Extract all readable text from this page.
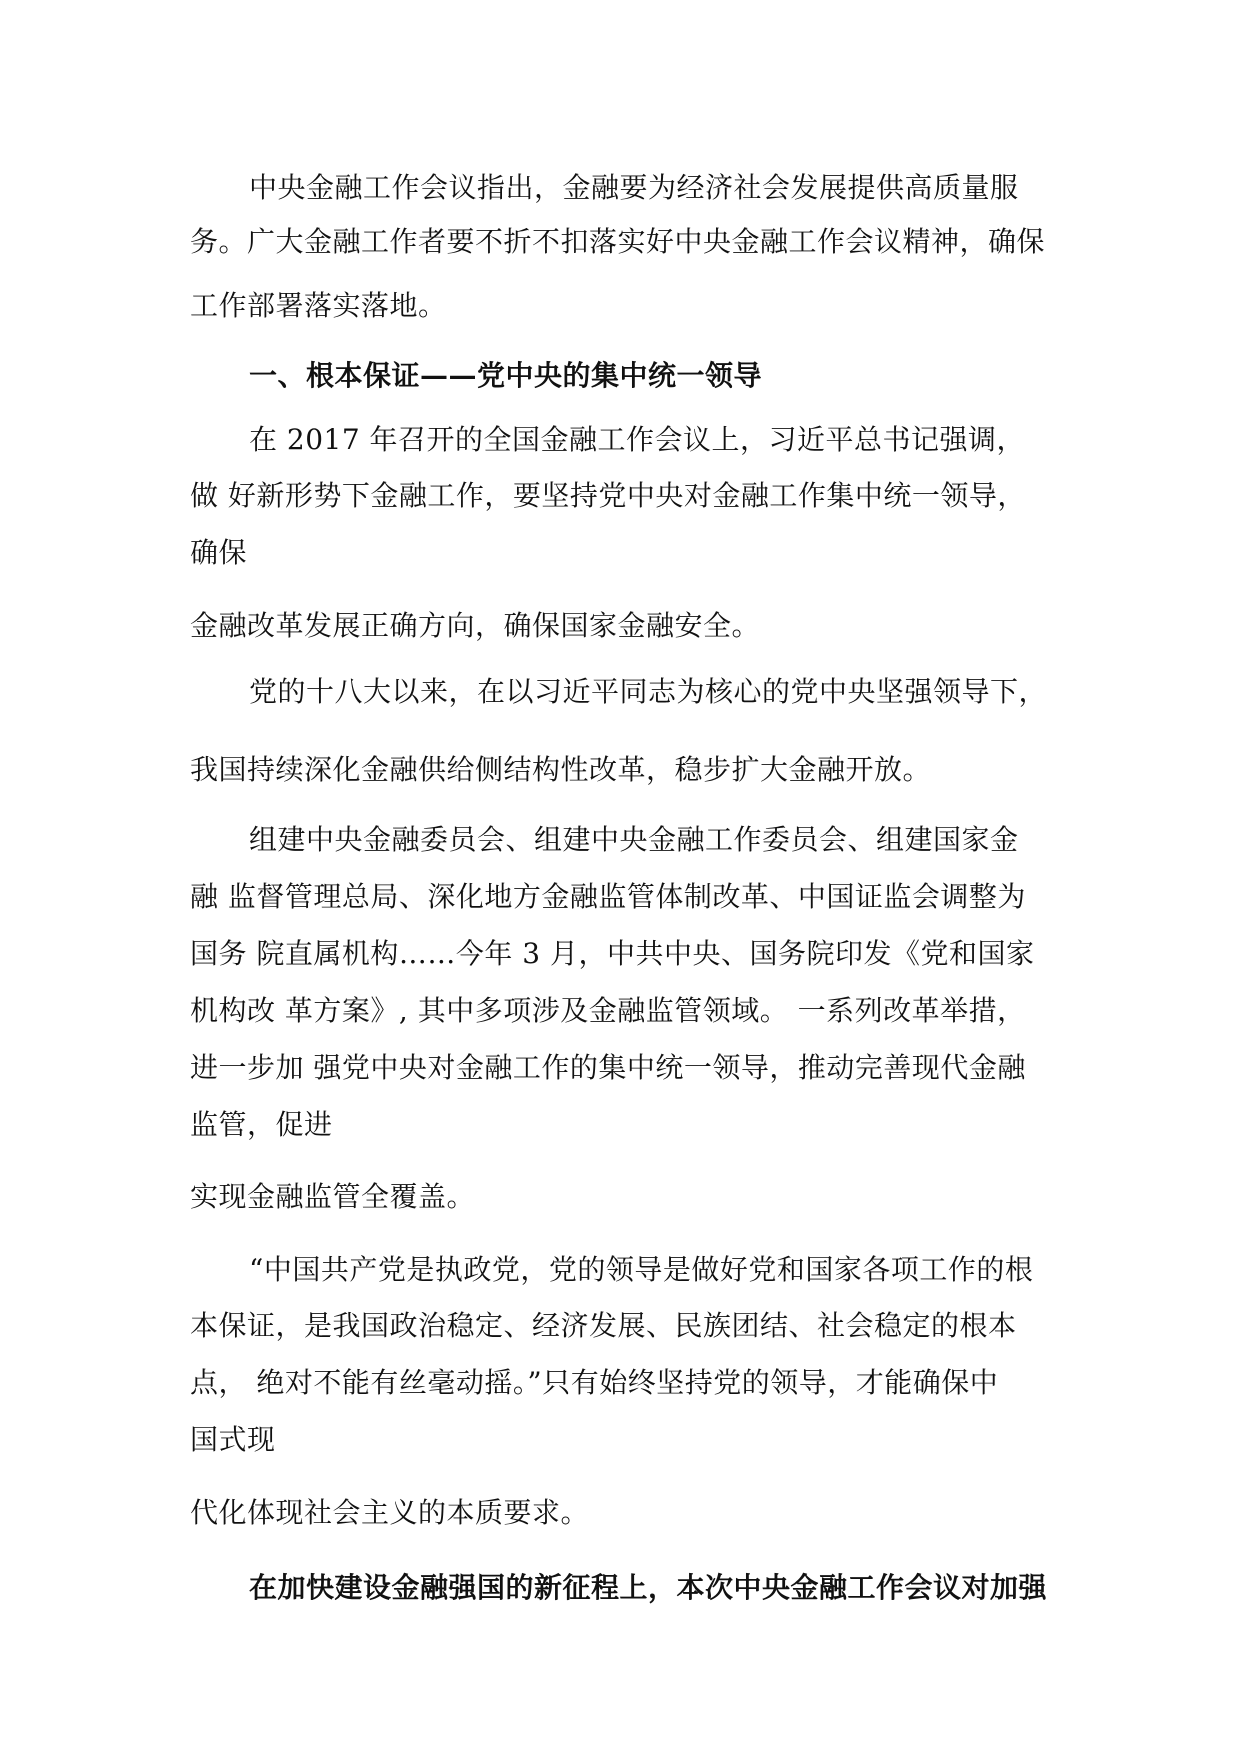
中央金融工作会议指出，金融要为经济社会发展提供高质量服
务。广大金融工作者要不折不扣落实好中央金融工作会议精神，确保
工作部署落实落地。
一、根本保证——党中央的集中统一领导
在 2017 年召开的全国金融工作会议上，习近平总书记强调，
做 好新形势下金融工作，要坚持党中央对金融工作集中统一领导，
确保
金融改革发展正确方向，确保国家金融安全。
党的十八大以来，在以习近平同志为核心的党中央坚强领导下，
我国持续深化金融供给侧结构性改革，稳步扩大金融开放。
组建中央金融委员会、组建中央金融工作委员会、组建国家金
融 监督管理总局、深化地方金融监管体制改革、中国证监会调整为
国务 院直属机构……今年 3 月，中共中央、国务院印发《党和国家
机构改 革方案》, 其中多项涉及金融监管领域。 一系列改革举措，
进一步加 强党中央对金融工作的集中统一领导，推动完善现代金融
监管，促进
实现金融监管全覆盖。
“中国共产党是执政党，党的领导是做好党和国家各项工作的根
本保证，是我国政治稳定、经济发展、民族团结、社会稳定的根本
点， 绝对不能有丝毫动摇。”只有始终坚持党的领导，才能确保中
国式现
代化体现社会主义的本质要求。
在加快建设金融强国的新征程上，本次中央金融工作会议对加强
